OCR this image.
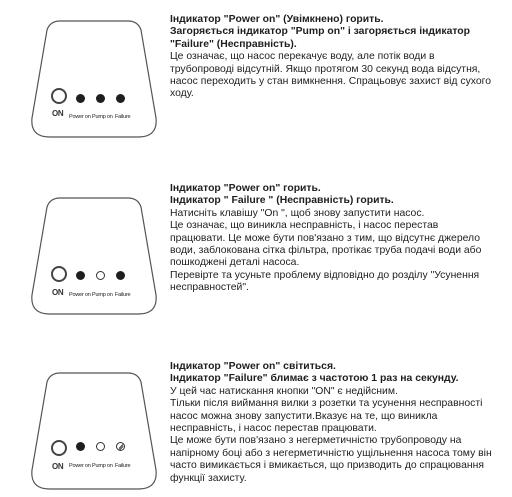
ON Power on Pump on Failure

Індикатор "Power on" (Увімкнено) горить.

Загоряється індикатор "Pump on" і загоряється індикатор

"Failure" (Несправність).

Це означає, що насос перекачує воду, але потік води в

трубопроводі відсутній. Якщо протягом 30 секунд вода відсутня,

насос переходить у стан вимкнення. Спрацьовує захист від сухого

ходу.

ON Power on Pump on Failure

Індикатор "Power on" горить.

Індикатор " Failure " (Несправність) горить.

Натисніть клавішу "On ", щоб знову запустити насос.

Це означає, що виникла несправність, і насос перестав

працювати. Це може бути пов'язано з тим, що відсутнє джерело

води, заблокована сітка фільтра, протікає труба подачі води або

пошкоджені деталі насоса.

Перевірте та усуньте проблему відповідно до розділу "Усунення

несправностей".

ON Power on Pump on Failure

Індикатор "Power on" світиться.

Індикатор "Failure" блимає з частотою 1 раз на секунду.

У цей час натискання кнопки "ON" є недійсним.

Тільки після виймання вилки з розетки та усунення несправності

насос можна знову запустити.Вказує на те, що виникла

несправність, і насос перестав працювати.

Це може бути пов'язано з негерметичністю трубопроводу на

напірному боці або з негерметичністю ущільнення насоса тому він

часто вимикається і вмикається, що призводить до спрацювання

функції захисту.
